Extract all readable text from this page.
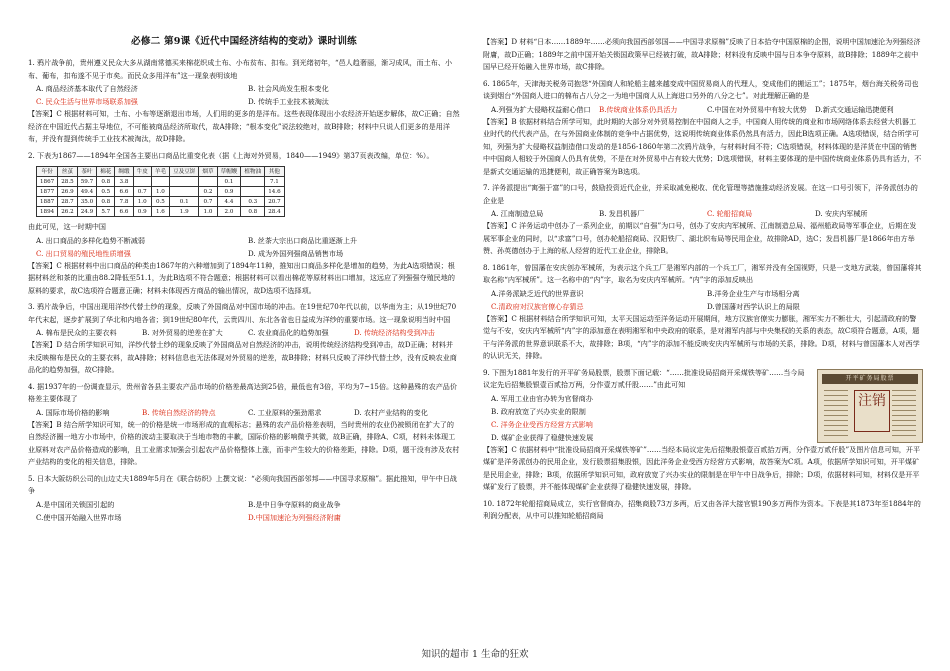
必修二 第9课《近代中国经济结构的变动》课时训练

1. 鸦片战争前，贵州遵义民众大多从湖南常德买来棉花织成土布、小布贫布、扣布。到光绪初年，“邑人趋奢丽，渐习成风，而土布、小布、葡布，扣布遂不见于市矣。而民众多用洋布”这一现象表明该地

A. 商品经济基本取代了自然经济	B. 社会风尚发生根本变化
C. 民众生活与世界市场联系加强	D. 传统手工业技术被淘汰

【答案】C 根据材料可知，土布、小布等逐渐退出市场，人们用的更多的是洋布。这些表现体现出小农经济开始逐步解体，故C正确；自然经济在中国近代占据主导地位，不可能被商品经济所取代，故A排除；“根本变化”说法较绝对，故B排除；材料中只说人们更多的是用洋布，并没有提到传统手工业技术被淘汰，故D排除。

2. 下表为1867——1894年全国各主要出口商品比重变化表（据《上海对外贸易，1840——1949》第37页表改编，单位：%）。

年份	丝茧	茶叶	棉花	绸缎	牛皮	羊毛	豆及豆饼	烟草	草帽缏	植物油	其他
1867	28.5	59.7	0.8	3.8					0.1		7.1
1877	26.9	49.4	0.5	6.6	0.7	1.0		0.2	0.9		14.6
1887	28.7	35.0	0.8	7.8	1.0	0.5	0.1	0.7	4.4	0.3	20.7
1894	26.2	24.9	5.7	6.6	0.9	1.6	1.9	1.0	2.0	0.8	28.4

由此可见，这一时期中国

A. 出口商品的多样化趋势不断减弱	B. 丝茶大宗出口商品比重逐渐上升
C. 出口贸易的殖民地性质增强	D. 成为外国列强商品销售市场

【答案】C 根据材料中出口商品的种类由1867年的六种增加到了1894年11种，推知出口商品多样化是增加的趋势，为此A选项错误；根据材料丝和茶的比重由88.2降低至51.1，为此B选项不符合题意；根据材料可以看出棉花等原材料出口增加，这远应了列强强夺殖民地的原料的要求，故C选项符合题意正确；材料未体现西方商品的输出情况，故D选项不选择项。

3. 鸦片战争后，中国出现用洋纱代替土纱的现象，反映了外国商品对中国市场的冲击。在19世纪70年代以前，以华南为主；从19世纪70年代末起，逐步扩展到了华北和内地各省；到19世纪80年代，云贵四川、东北各省也日益成为洋纱的重要市场。这一现象说明当时中国

A. 棉布是民众的主要衣料	B. 对外贸易的逆差在扩大	C. 农业商品化的趋势加强	D. 传统经济结构受到冲击

【答案】D 结合所学知识可知，洋纱代替土纱的现象反映了外国商品对自然经济的冲击，说明传统经济结构受到冲击，故D正确；材料并未反映棉布是民众的主要衣料，故A排除；材料信息也无法体现对外贸易的逆差，故B排除；材料只反映了洋纱代替土纱，没有反映农业商品化的趋势加强，故C排除。

4. 据1937年的一份调查显示，贵州省各县主要农产品市场的价格差最高达到25倍，最低也有3倍，平均为7~15倍。这种悬殊的农产品价格差主要体现了

A. 国际市场价格的影响	B. 传统自然经济的特点	C. 工业原料的强劲需求	D. 农村产业结构的变化

【答案】B 结合所学知识可知，统一的价格是统一市场形成的直观标志；悬殊的农产品价格差表明，当时贵州的农业仍被锁闭在扩大了的自然经济圈一地方小市场中，价格的波动主要取决于当地市物的丰歉，国际价格的影响微乎其微，故B正确，排除A、C项，材料未体现工业原料对农产品价格造成的影响，且工业需求加强会引起农产品价格整体上涨，而非产生较大的价格差距，排除。D项，题干没有涉及农村产业结构的变化的相关信息，排除。

5. 日本大阪纺织公司的山边丈夫1889年5月在《联合纺织》上撰文说：“必须向我国西部邻邦——中国寻求原棉”。据此推知，甲午中日战争

A.是中国闭关锁国引起的	B.是中日争夺原料的商业战争
C.使中国开始融入世界市场	D.中国加速沦为列强经济附庸

【答案】D 材料“日本……1889年……必须向我国西部邻国——中国寻求原棉”反映了日本拾夺中国原棉的企图，说明中国加速沦为列强经济附庸，故D正确；1889年之前中国开始关锁国政策早已经被打破，故A排除；材料没有反映中国与日本争夺原料，故B排除；1889年之前中国早已经开始融入世界市场，故C排除。

6. 1865年，天津海关税务司抱怨“外国商人和轮船主越来越变成中国贸易商人的代理人，变成他们的搬运工”；1875年，烟台海关税务司也谈到烟台“外国商人进口的棉布占八分之一为地中国商人从上海进口另外的八分之七”。对此理解正确的是

A.列强为扩大侵略权益耐心借口	B.传统商业体系仍具活力	C.中国在对外贸易中有较大优势	D.新式交通运输迅捷便利

【答案】B 依据材料结合所学可知，此时期的大部分对外贸易控制在中国商人之手，中国商人用传统的商业和市场网络体系去经营大机器工业时代的代代表产品，在与外国商业体制的竞争中占据优势，这说明传统商业体系仍然具有活力，因此B选项正确。A选项错误，结合所学可知，列强为扩大侵略权益制造借口发动的是1856-1860年第二次鸦片战争，与材料时间不符；C选项错误，材料体现的是洋货在中国的销售中中国商人相较于外国商人仍具有优势，不是在对外贸易中占有较大优势；D选项错误，材料主要体现的是中国传统商业体系仍具有活力，不是新式交通运输的迅捷便利，故正确答案为B选项。

7. 洋务派提出“寓强于富”的口号，鼓励投资近代企业，并采取减免税收、优化管理等措施推动经济发展。在这一口号引领下，洋务派创办的企业是

A. 江南制造总局	B. 发昌机器厂	C. 轮船招商局	D. 安庆内军械所

【答案】C 洋务运动中创办了一系列企业，前期以“自强”为口号，创办了安庆内军械所、江南制造总局、福州船政局等军事企业，后期在发展军事企业的同时，以“求富”口号，创办轮船招商局、汉阳铁厂、湖北织布局等民用企业，故排除AD，选C；发昌机器厂是1866年由方举赞、孙英德创办于上海的私人经营的近代工业企业，排除B。

8. 1861年，曾国藩在安庆创办军械所，为表示这个兵工厂是湘军内部的一个兵工厂，湘军并没有全国视野，只是一支地方武装，曾国藩将其取名称“内军械所”。这一名称中的“内”字，取名为安庆内军械所。“内”字的添加反映出

A.洋务派缺乏近代的世界意识	B.洋务企业生产与市场相分离
C.清政府对汉族官僚心存猜忌	D.曾国藩对西学认识上的局限

【答案】C 根据材料结合所学知识可知，太平天国运动至洋务运动开展期间，地方汉族官僚实力膨胀，湘军实力不断壮大，引起清政府的警觉与不安，安庆内军械所“内”字的添加意在表明湘军和中央政府的联系，是对湘军内部与中央集权的关系的表态，故C项符合题意，A项，题干与洋务派的世界意识联系不大，故排除；B项，“内”字的添加不能反映安庆内军械所与市场的关系，排除。D项，材料与曾国藩本人对西学的认识无关，排除。

9. 下图为1881年发行的开平矿务局股票，股票下面记载：“……批准设局招商开采煤铁等矿……当今局议定先后招集股银壹百贰拾万两，分作壹万贰仟股……”由此可知

A. 军用工业由官办转为官督商办
B. 政府放宽了兴办实业的限制
C. 洋务企业受西方经营方式影响
D. 煤矿企业获得了稳健快速发展
开平矿务局股票
注销

【答案】C 依据材料中“批准设局招商开采煤铁等矿”……当经本局议定先后招集股银壹百贰拾万两，分作壹万贰仟股”及图片信息可知，开平煤矿是洋务派创办的民用企业，发行股票招集股银，因此洋务企业受西方经营方式影响，故答案为C项。A项，依据所学知识可知，开平煤矿是民用企业，排除；B项，依据所学知识可知，政府放宽了兴办实业的限制是在甲午中日战争后，排除；D项，依据材料可知，材料仅是开平煤矿发行了股票，并不能体现煤矿企业获得了稳健快速发展，排除。

10. 1872年轮船招商局成立，实行官督商办，招集商股73万多两，后又由各洋大接官银190多万两作为资本。下表是其1873年至1884年的利润分配表，从中可以推知轮船招商局

知识的超市 1 生命的狂欢
